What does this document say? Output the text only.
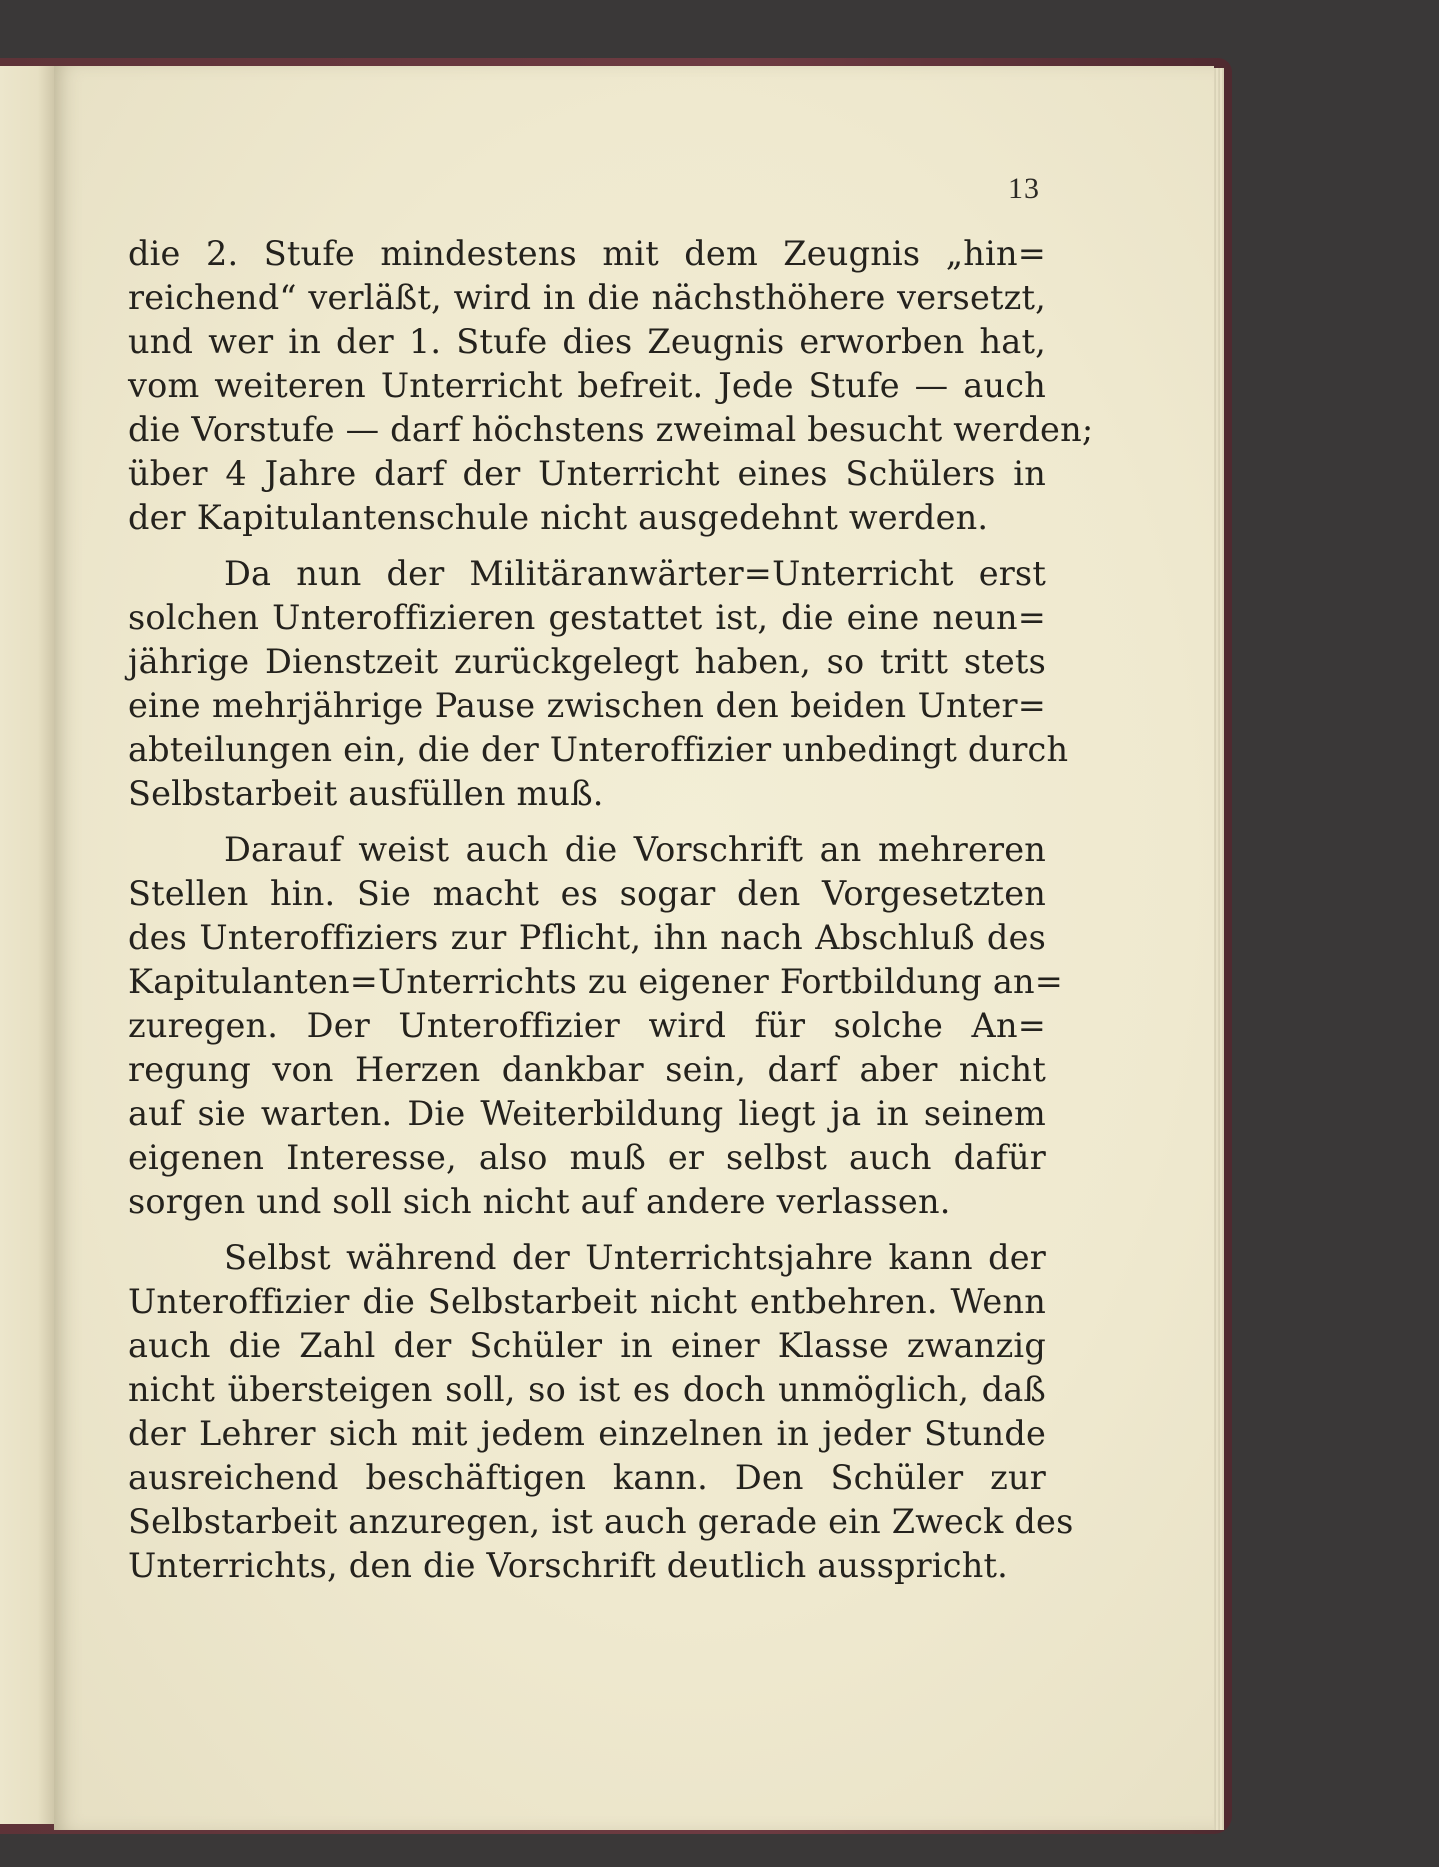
13
die 2. Stufe mindestens mit dem Zeugnis „hin=
reichend“ verläßt, wird in die nächsthöhere versetzt,
und wer in der 1. Stufe dies Zeugnis erworben hat,
vom weiteren Unterricht befreit. Jede Stufe — auch
die Vorstufe — darf höchstens zweimal besucht werden;
über 4 Jahre darf der Unterricht eines Schülers in
der Kapitulantenschule nicht ausgedehnt werden.
Da nun der Militäranwärter=Unterricht erst
solchen Unteroffizieren gestattet ist, die eine neun=
jährige Dienstzeit zurückgelegt haben, so tritt stets
eine mehrjährige Pause zwischen den beiden Unter=
abteilungen ein, die der Unteroffizier unbedingt durch
Selbstarbeit ausfüllen muß.
Darauf weist auch die Vorschrift an mehreren
Stellen hin. Sie macht es sogar den Vorgesetzten
des Unteroffiziers zur Pflicht, ihn nach Abschluß des
Kapitulanten=Unterrichts zu eigener Fortbildung an=
zuregen. Der Unteroffizier wird für solche An=
regung von Herzen dankbar sein, darf aber nicht
auf sie warten. Die Weiterbildung liegt ja in seinem
eigenen Interesse, also muß er selbst auch dafür
sorgen und soll sich nicht auf andere verlassen.
Selbst während der Unterrichtsjahre kann der
Unteroffizier die Selbstarbeit nicht entbehren. Wenn
auch die Zahl der Schüler in einer Klasse zwanzig
nicht übersteigen soll, so ist es doch unmöglich, daß
der Lehrer sich mit jedem einzelnen in jeder Stunde
ausreichend beschäftigen kann. Den Schüler zur
Selbstarbeit anzuregen, ist auch gerade ein Zweck des
Unterrichts, den die Vorschrift deutlich ausspricht.
